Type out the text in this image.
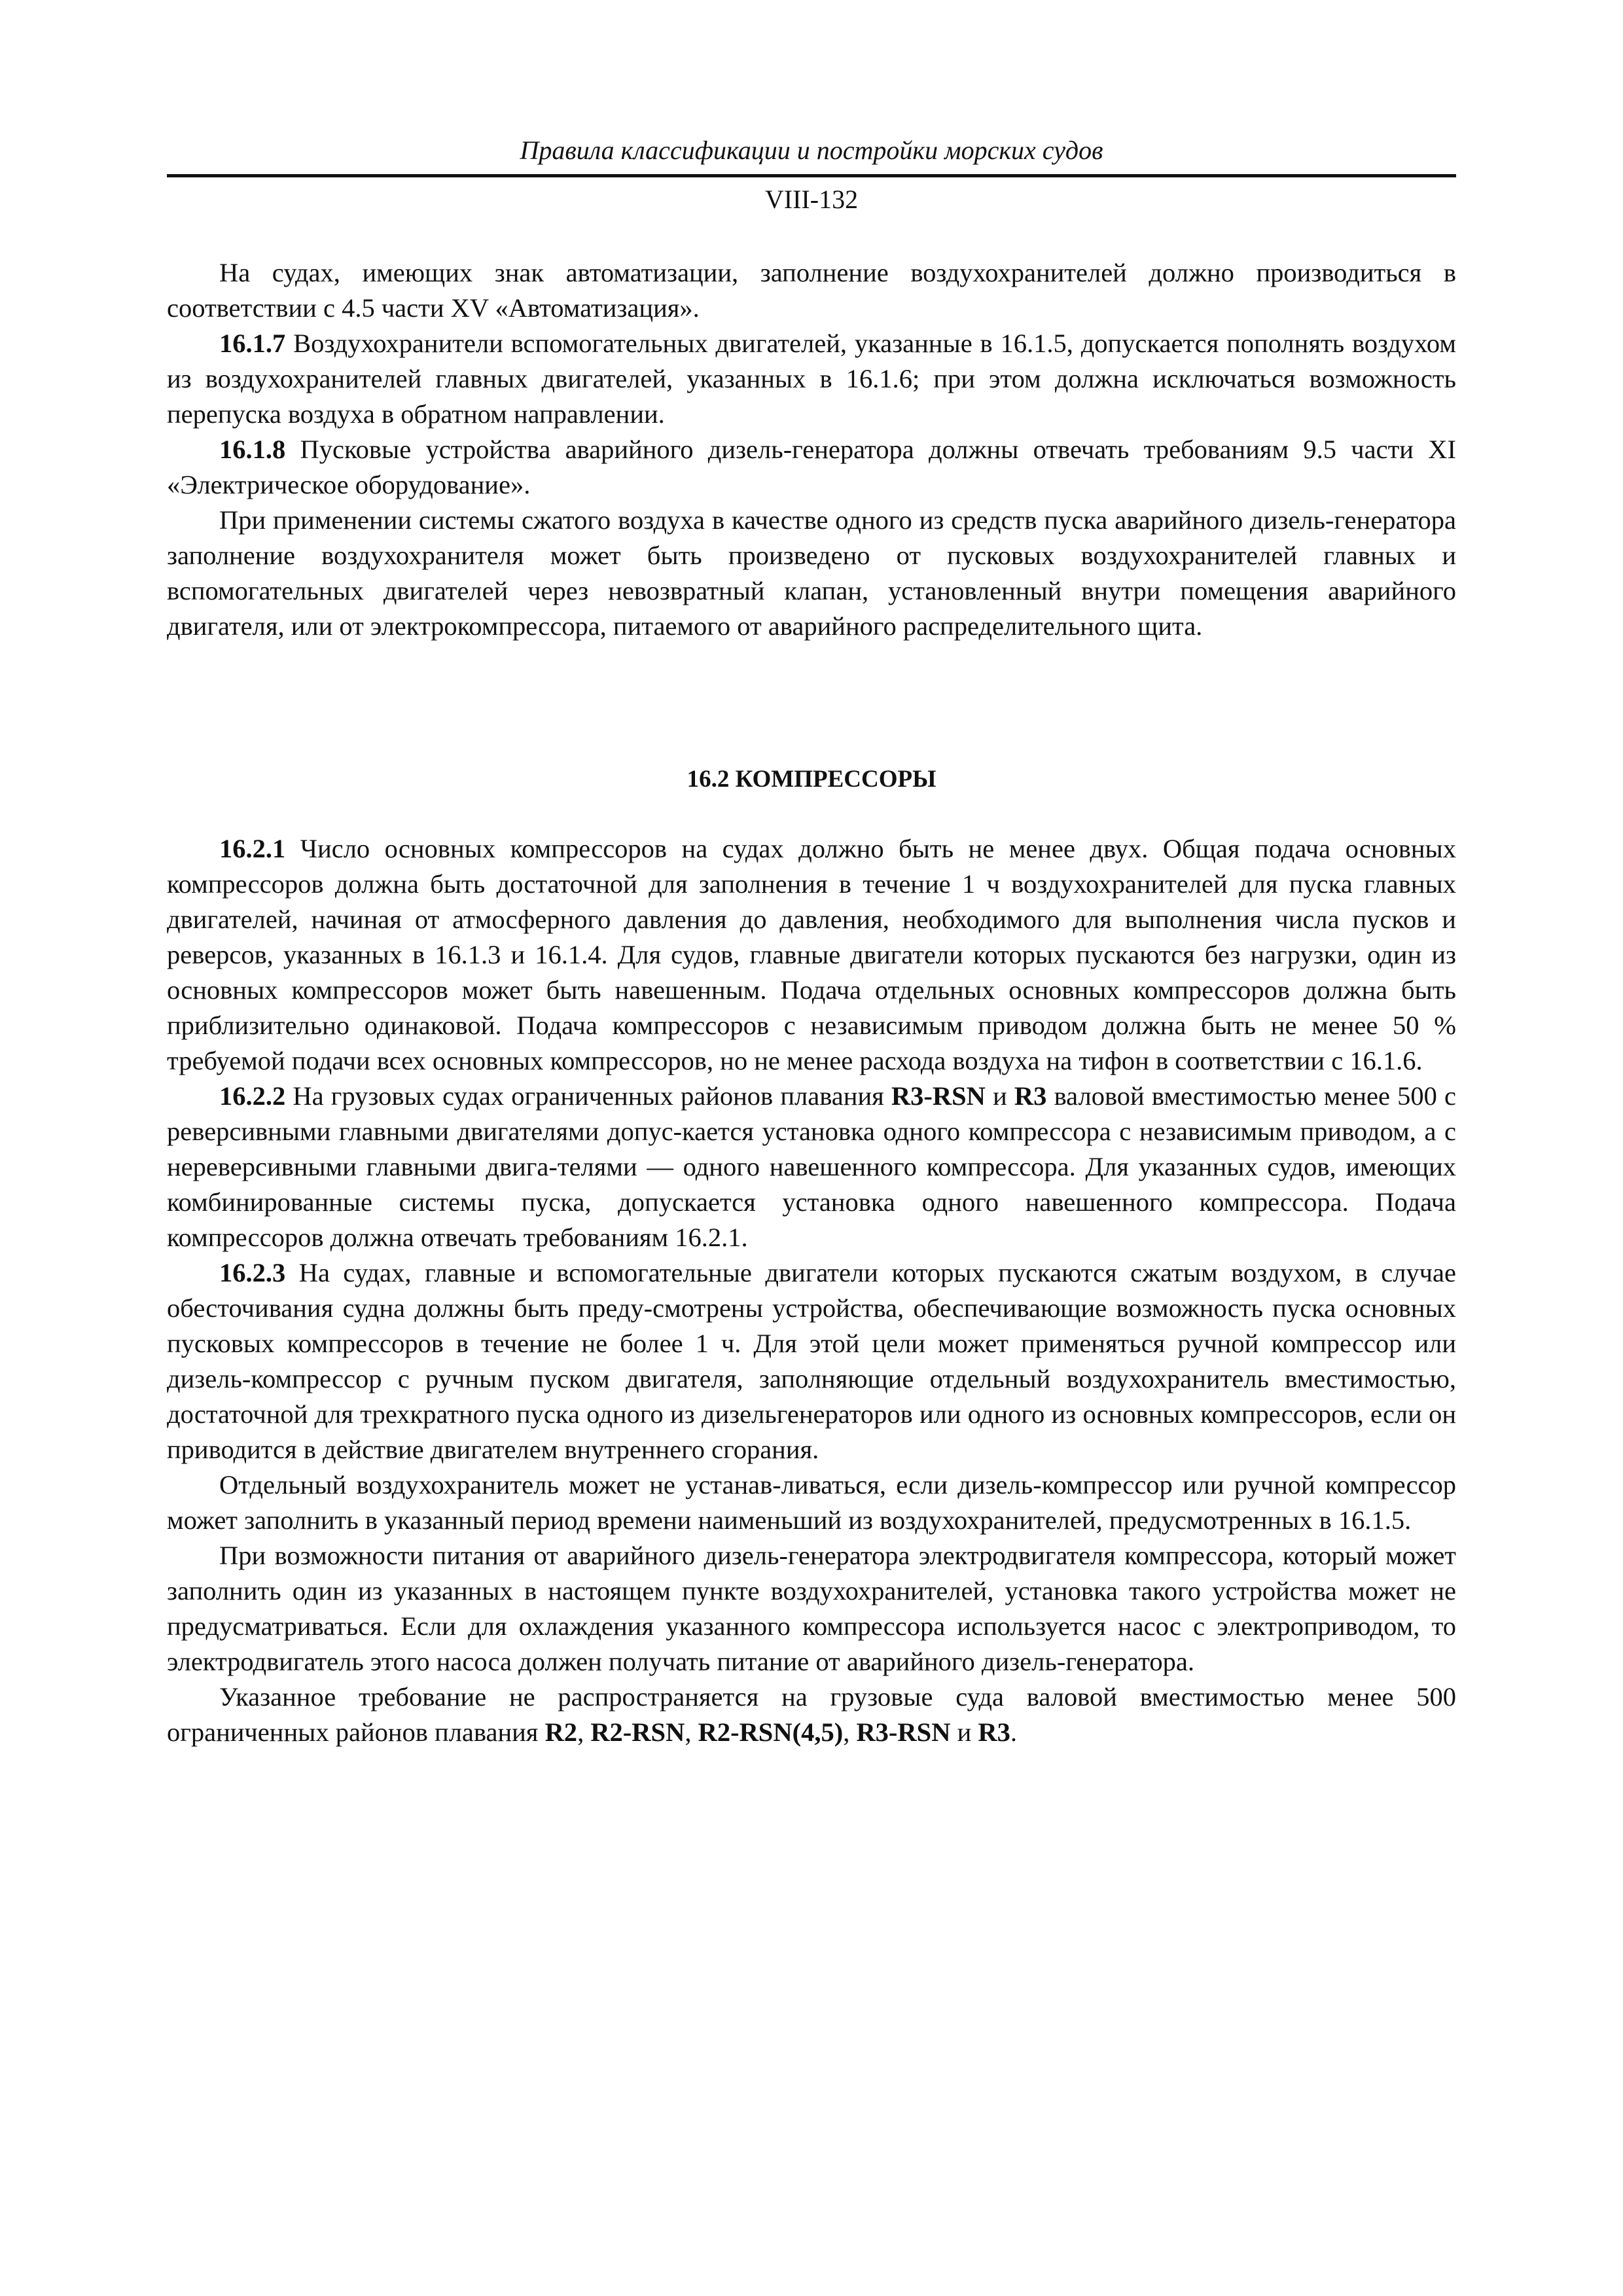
Правила классификации и постройки морских судов
VIII-132

На судах, имеющих знак автоматизации, заполнение воздухохранителей должно производиться в соответствии с 4.5 части XV «Автоматизация».

16.1.7 Воздухохранители вспомогательных двигателей, указанные в 16.1.5, допускается пополнять воздухом из воздухохранителей главных двигателей, указанных в 16.1.6; при этом должна исключаться возможность перепуска воздуха в обратном направлении.

16.1.8 Пусковые устройства аварийного дизель-генератора должны отвечать требованиям 9.5 части XI «Электрическое оборудование».

При применении системы сжатого воздуха в качестве одного из средств пуска аварийного дизель-генератора заполнение воздухохранителя может быть произведено от пусковых воздухохранителей главных и вспомогательных двигателей через невозвратный клапан, установленный внутри помещения аварийного двигателя, или от электрокомпрессора, питаемого от аварийного распределительного щита.

16.2 КОМПРЕССОРЫ

16.2.1 Число основных компрессоров на судах должно быть не менее двух. Общая подача основных компрессоров должна быть достаточной для заполнения в течение 1 ч воздухохранителей для пуска главных двигателей, начиная от атмосферного давления до давления, необходимого для выполнения числа пусков и реверсов, указанных в 16.1.3 и 16.1.4. Для судов, главные двигатели которых пускаются без нагрузки, один из основных компрессоров может быть навешенным. Подача отдельных основных компрессоров должна быть приблизительно одинаковой. Подача компрессоров с независимым приводом должна быть не менее 50 % требуемой подачи всех основных компрессоров, но не менее расхода воздуха на тифон в соответствии с 16.1.6.

16.2.2 На грузовых судах ограниченных районов плавания R3-RSN и R3 валовой вместимостью менее 500 с реверсивными главными двигателями допус-кается установка одного компрессора с независимым приводом, а с нереверсивными главными двига-телями — одного навешенного компрессора. Для указанных судов, имеющих комбинированные системы пуска, допускается установка одного навешенного компрессора. Подача компрессоров должна отвечать требованиям 16.2.1.

16.2.3 На судах, главные и вспомогательные двигатели которых пускаются сжатым воздухом, в случае обесточивания судна должны быть преду-смотрены устройства, обеспечивающие возможность пуска основных пусковых компрессоров в течение не более 1 ч. Для этой цели может применяться ручной компрессор или дизель-компрессор с ручным пуском двигателя, заполняющие отдельный воздухохранитель вместимостью, достаточной для трехкратного пуска одного из дизельгенераторов или одного из основных компрессоров, если он приводится в действие двигателем внутреннего сгорания.

Отдельный воздухохранитель может не устанав-ливаться, если дизель-компрессор или ручной компрессор может заполнить в указанный период времени наименьший из воздухохранителей, предусмотренных в 16.1.5.

При возможности питания от аварийного дизель-генератора электродвигателя компрессора, который может заполнить один из указанных в настоящем пункте воздухохранителей, установка такого устройства может не предусматриваться. Если для охлаждения указанного компрессора используется насос с электроприводом, то электродвигатель этого насоса должен получать питание от аварийного дизель-генератора.

Указанное требование не распространяется на грузовые суда валовой вместимостью менее 500 ограниченных районов плавания R2, R2-RSN, R2-RSN(4,5), R3-RSN и R3.
